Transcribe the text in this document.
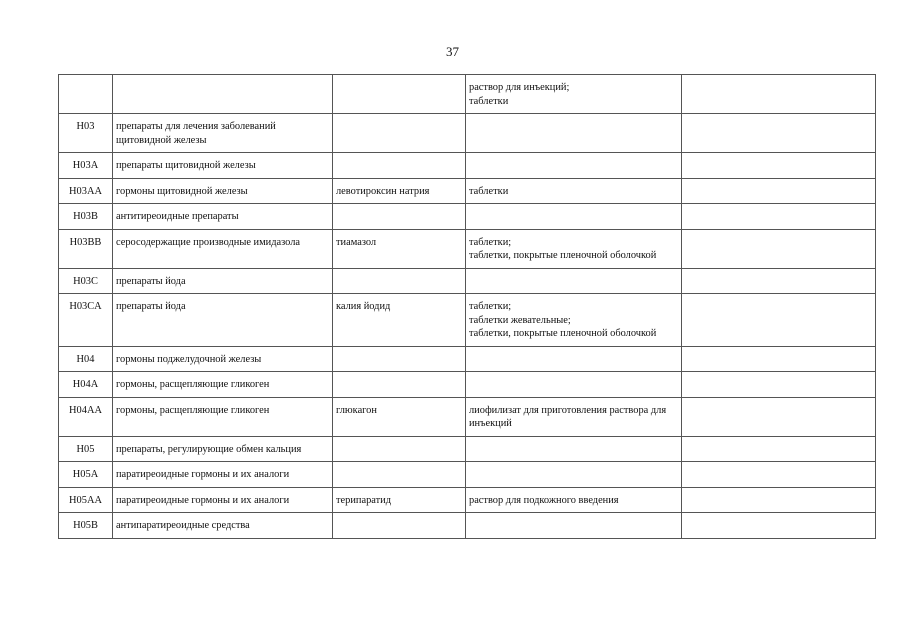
37
			раствор для инъекций;
таблетки	
H03	препараты для лечения заболеваний щитовидной железы			
H03A	препараты щитовидной железы			
H03AA	гормоны щитовидной железы	левотироксин натрия	таблетки	
H03B	антитиреоидные препараты			
H03BB	серосодержащие производные имидазола	тиамазол	таблетки;
таблетки, покрытые пленочной оболочкой	
H03C	препараты йода			
H03CA	препараты йода	калия йодид	таблетки;
таблетки жевательные;
таблетки, покрытые пленочной оболочкой	
H04	гормоны поджелудочной железы			
H04A	гормоны, расщепляющие гликоген			
H04AA	гормоны, расщепляющие гликоген	глюкагон	лиофилизат для приготовления раствора для инъекций	
H05	препараты, регулирующие обмен кальция			
H05A	паратиреоидные гормоны и их аналоги			
H05AA	паратиреоидные гормоны и их аналоги	терипаратид	раствор для подкожного введения	
H05B	антипаратиреоидные средства			
